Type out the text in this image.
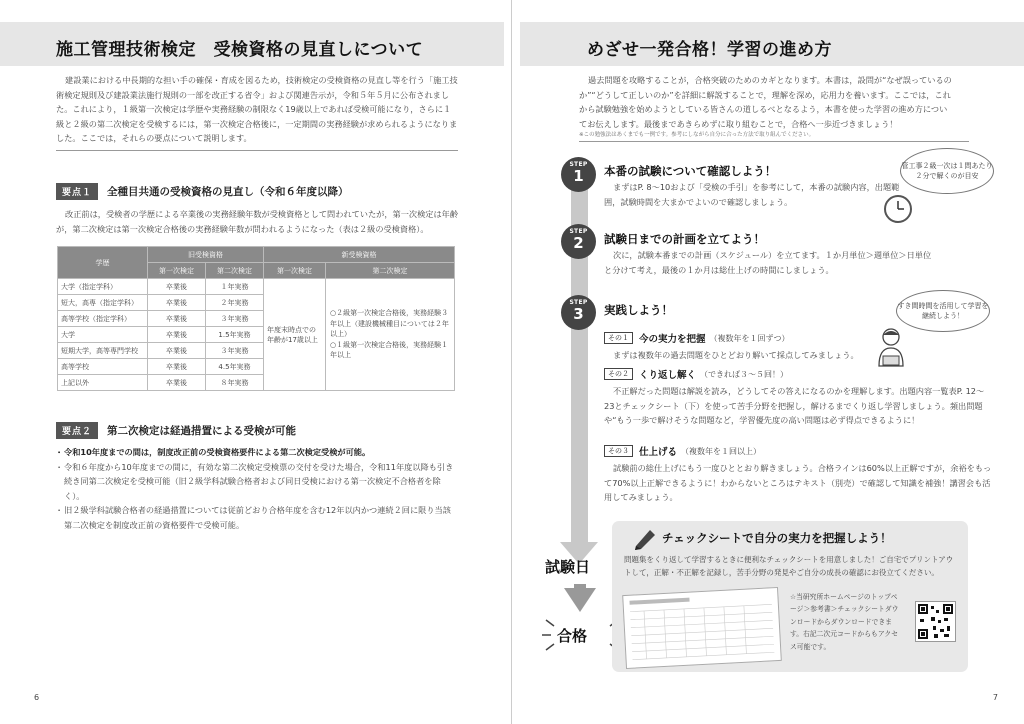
施工管理技術検定　受検資格の見直しについて

建設業における中長期的な担い手の確保・育成を図るため，技術検定の受検資格の見直し等を行う「施工技術検定規則及び建設業法施行規則の一部を改正する省令」および関連告示が，令和５年５月に公布されました。これにより，１級第一次検定は学歴や実務経験の制限なく19歳以上であれば受検可能になり，さらに１級と２級の第二次検定を受検するには，第一次検定合格後に，一定期間の実務経験が求められるようになりました。ここでは，それらの要点について説明します。

要点１	全種目共通の受検資格の見直し（令和６年度以降）

改正前は，受検者の学歴による卒業後の実務経験年数が受検資格として問われていたが，第一次検定は年齢が，第二次検定は第一次検定合格後の実務経験年数が問われるようになった（表は２級の受検資格）。

学歴	旧受検資格		新受検資格	
	第一次検定	第二次検定	第一次検定	第二次検定
大学（指定学科）	卒業後	１年実務	年度末時点での年齢が17歳以上	○２級第一次検定合格後，実務経験３年以上（建設機械種目については２年以上）
○１級第一次検定合格後，実務経験１年以上

短大，高専（指定学科）	卒業後	２年実務		
高等学校（指定学科）	卒業後	３年実務		
大学	卒業後	1.5年実務		
短期大学，高等専門学校	卒業後	３年実務		
高等学校	卒業後	4.5年実務		
上記以外	卒業後	８年実務		
要点２	第二次検定は経過措置による受検が可能
・ 令和10年度までの間は，制度改正前の受検資格要件による第二次検定受検が可能。
・ 令和６年度から10年度までの間に，有効な第二次検定受検票の交付を受けた場合，令和11年度以降も引き続き同第二次検定を受検可能（旧２級学科試験合格者および同日受検における第一次検定不合格者を除く）。
・ 旧２級学科試験合格者の経過措置については従前どおり合格年度を含む12年以内かつ連続２回に限り当該第二次検定を制度改正前の資格要件で受検可能。
6
めざせ一発合格！学習の進め方

過去問題を攻略することが，合格突破のためのカギとなります。本書は，設問が“なぜ誤っているのか”“どうして正しいのか”を詳細に解説することで，理解を深め，応用力を養います。ここでは，これから試験勉強を始めようとしている皆さんの道しるべとなるよう，本書を使った学習の進め方についてお伝えします。最後まであきらめずに取り組むことで，合格へ一歩近づきましょう！

※この勉強法はあくまでも一例です。参考にしながら自分に合った方法で取り組んでください。
STEP
1	本番の試験について確認しよう！

まずはP. 8〜10および「受検の手引」を参考にして，本番の試験内容，出題範囲，試験時間を大まかでよいので確認しましょう。

管工事２級一次は１問あたり２分で解くのが目安
STEP
2	試験日までの計画を立てよう！

次に，試験本番までの計画（スケジュール）を立てます。１か月単位＞週単位＞日単位　と分けて考え，最後の１か月は総仕上げの時間にしましょう。

STEP
3	実践しよう！	すき間時間を活用して学習を継続しよう！
その１	今の実力を把握 （複数年を１回ずつ）

まずは複数年の過去問題をひとどおり解いて採点してみましょう。

その２	くり返し解く （できれば３〜５回！）

不正解だった問題は解説を読み，どうしてその答えになるのかを理解します。出題内容一覧表P. 12〜23とチェックシート（下）を使って苦手分野を把握し，解けるまでくり返し学習しましょう。頻出問題や“もう一歩で解けそうな問題など，学習優先度の高い問題は必ず得点できるように！

その３	仕上げる （複数年を１回以上）

試験前の総仕上げにもう一度ひととおり解きましょう。合格ラインは60%以上正解ですが，余裕をもって70%以上正解できるように！わからないところはテキスト（別売）で確認して知識を補強！講習会も活用してみましょう。

試験日
合格
チェックシートで自分の実力を把握しよう！

問題集をくり返して学習するときに便利なチェックシートを用意しました！ご自宅でプリントアウトして，正解・不正解を記録し，苦手分野の発見やご自分の成長の確認にお役立てください。

☆当研究所ホームページのトップページ＞参考書＞チェックシートダウンロードからダウンロードできます。右記二次元コードからもアクセス可能です。

7
